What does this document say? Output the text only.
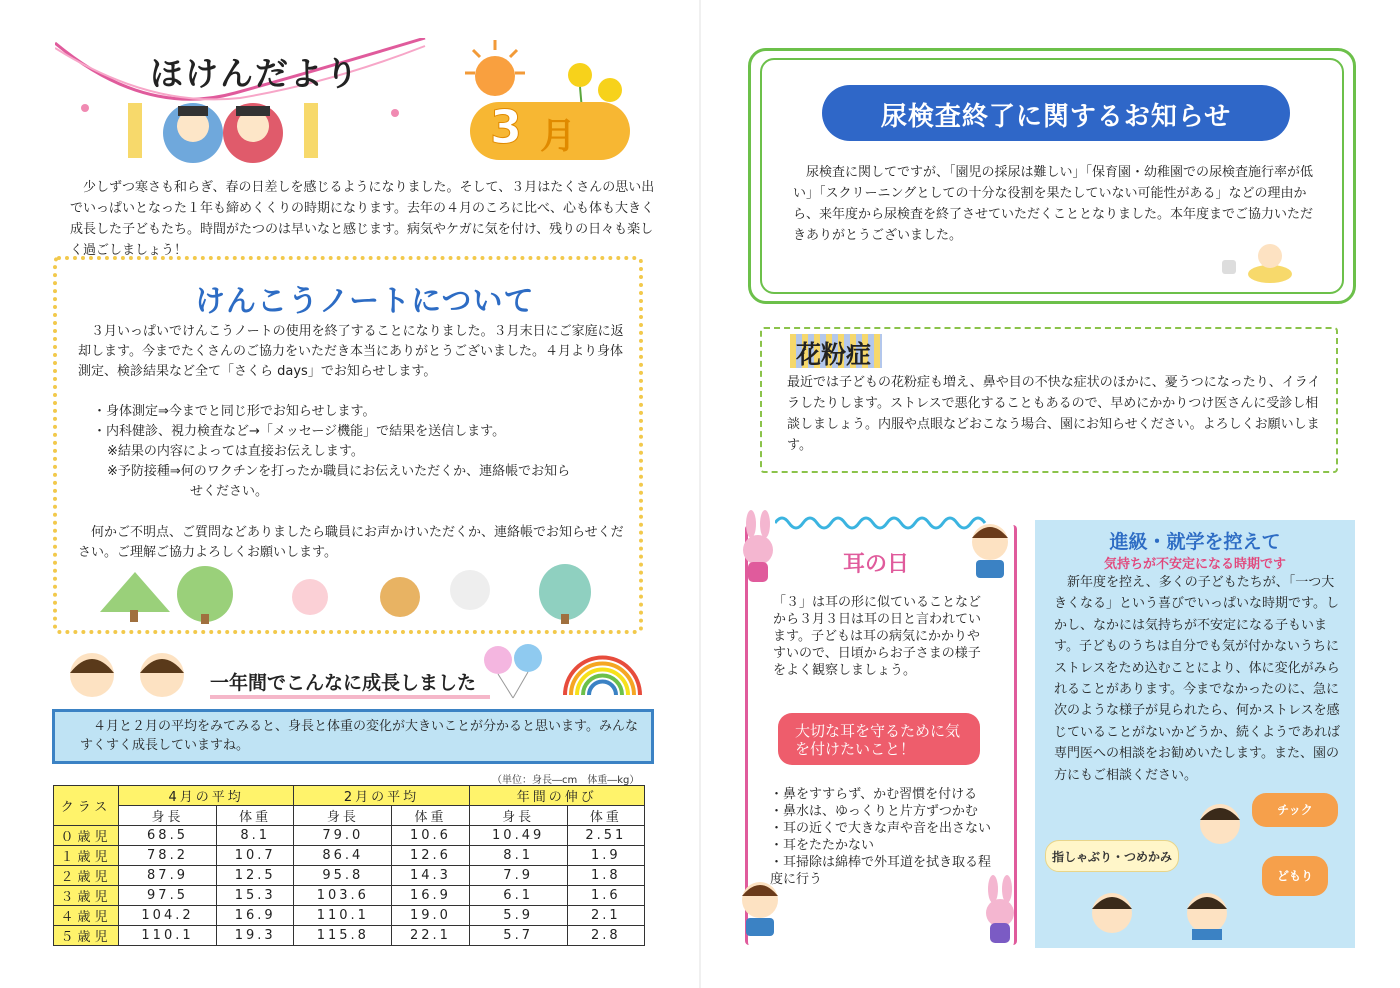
ほけんだより
3 月
　少しずつ寒さも和らぎ、春の日差しを感じるようになりました。そして、３月はたくさんの思い出でいっぱいとなった１年も締めくくりの時期になります。去年の４月のころに比べ、心も体も大きく成長した子どもたち。時間がたつのは早いなと感じます。病気やケガに気を付け、残りの日々も楽しく過ごしましょう！
けんこうノートについて
　３月いっぱいでけんこうノートの使用を終了することになりました。３月末日にご家庭に返却します。今までたくさんのご協力をいただき本当にありがとうございました。４月より身体測定、検診結果など全て「さくら days」でお知らせします。
・身体測定⇒今までと同じ形でお知らせします。
・内科健診、視力検査など→「メッセージ機能」で結果を送信します。
※結果の内容によっては直接お伝えします。
※予防接種⇒何のワクチンを打ったか職員にお伝えいただくか、連絡帳でお知ら
せください。
　何かご不明点、ご質問などありましたら職員にお声かけいただくか、連絡帳でお知らせください。ご理解ご協力よろしくお願いします。
一年間でこんなに成長しました
　４月と２月の平均をみてみると、身長と体重の変化が大きいことが分かると思います。みんなすくすく成長していますね。
（単位：身長―cm　体重―kg）
クラス	4月の平均		2月の平均		年間の伸び	
	身長	体重	身長	体重	身長	体重
０歳児	68.5	8.1	79.0	10.6	10.49	2.51
１歳児	78.2	10.7	86.4	12.6	8.1	1.9
２歳児	87.9	12.5	95.8	14.3	7.9	1.8
３歳児	97.5	15.3	103.6	16.9	6.1	1.6
４歳児	104.2	16.9	110.1	19.0	5.9	2.1
５歳児	110.1	19.3	115.8	22.1	5.7	2.8
尿検査終了に関するお知らせ
　尿検査に関してですが、「園児の採尿は難しい」「保育園・幼稚園での尿検査施行率が低い」「スクリーニングとしての十分な役割を果たしていない可能性がある」などの理由から、来年度から尿検査を終了させていただくこととなりました。本年度までご協力いただきありがとうございました。
花粉症
最近では子どもの花粉症も増え、鼻や目の不快な症状のほかに、憂うつになったり、イライラしたりします。ストレスで悪化することもあるので、早めにかかりつけ医さんに受診し相談しましょう。内服や点眼などおこなう場合、園にお知らせください。よろしくお願いします。
耳の日
「３」は耳の形に似ていることなどから３月３日は耳の日と言われています。子どもは耳の病気にかかりやすいので、日頃からお子さまの様子をよく観察しましょう。
大切な耳を守るために気を付けたいこと！
・鼻をすすらず、かむ習慣を付ける
・鼻水は、ゆっくりと片方ずつかむ
・耳の近くで大きな声や音を出さない
・耳をたたかない
・耳掃除は綿棒で外耳道を拭き取る程度に行う
進級・就学を控えて
気持ちが不安定になる時期です
　新年度を控え、多くの子どもたちが、「一つ大きくなる」という喜びでいっぱいな時期です。しかし、なかには気持ちが不安定になる子もいます。子どものうちは自分でも気が付かないうちにストレスをため込むことにより、体に変化がみられることがあります。今までなかったのに、急に次のような様子が見られたら、何かストレスを感じていることがないかどうか、続くようであれば専門医への相談をお勧めいたします。また、園の方にもご相談ください。
チック
どもり
指しゃぶり・つめかみ
